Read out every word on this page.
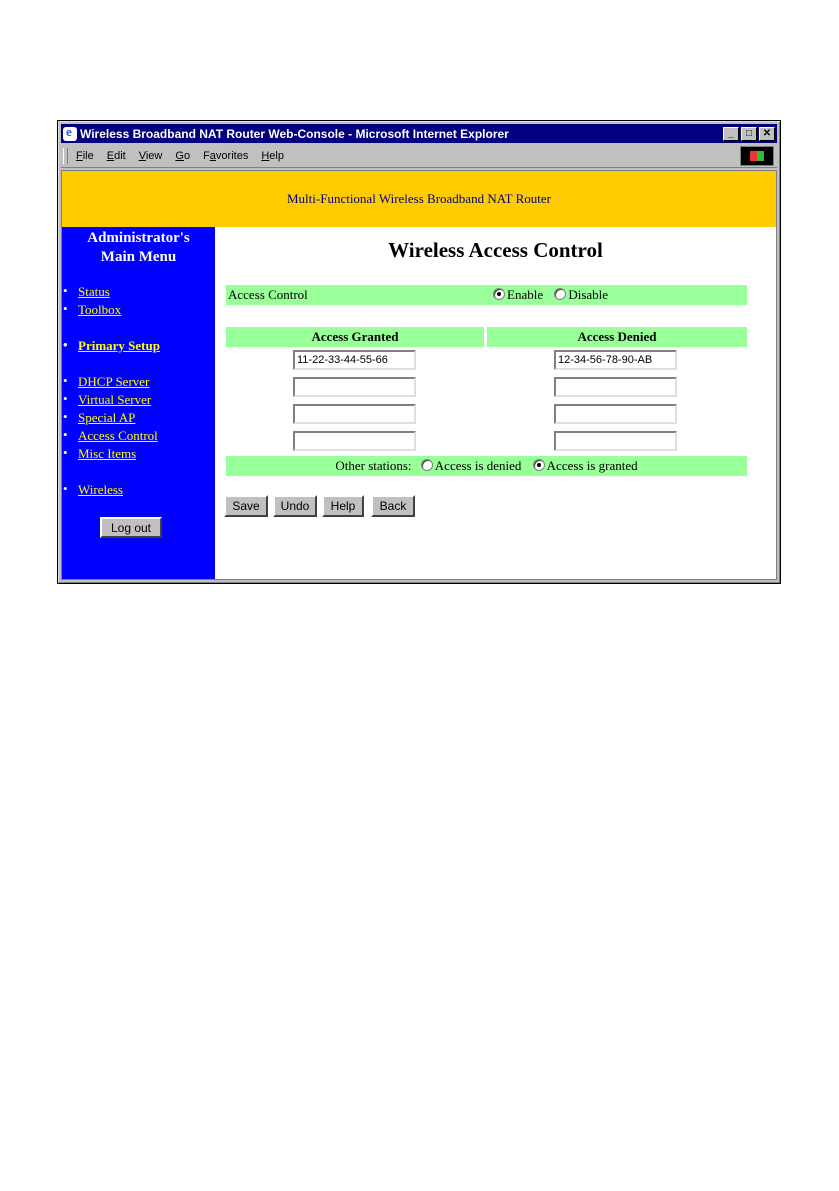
e
Wireless Broadband NAT Router Web-Console - Microsoft Internet Explorer	_	□	✕
File Edit View Go Favorites Help
Multi-Functional Wireless Broadband NAT Router
Administrator's
Main Menu
• Status
• Toolbox
• Primary Setup
• DHCP Server
• Virtual Server
• Special AP
• Access Control
• Misc Items
• Wireless
Log out
Wireless Access Control
Access Control	Enable Disable
Access Granted	Access Denied
11-22-33-44-55-66	12-34-56-78-90-AB
Other stations: Access is denied Access is granted
Save	Undo	Help	Back
